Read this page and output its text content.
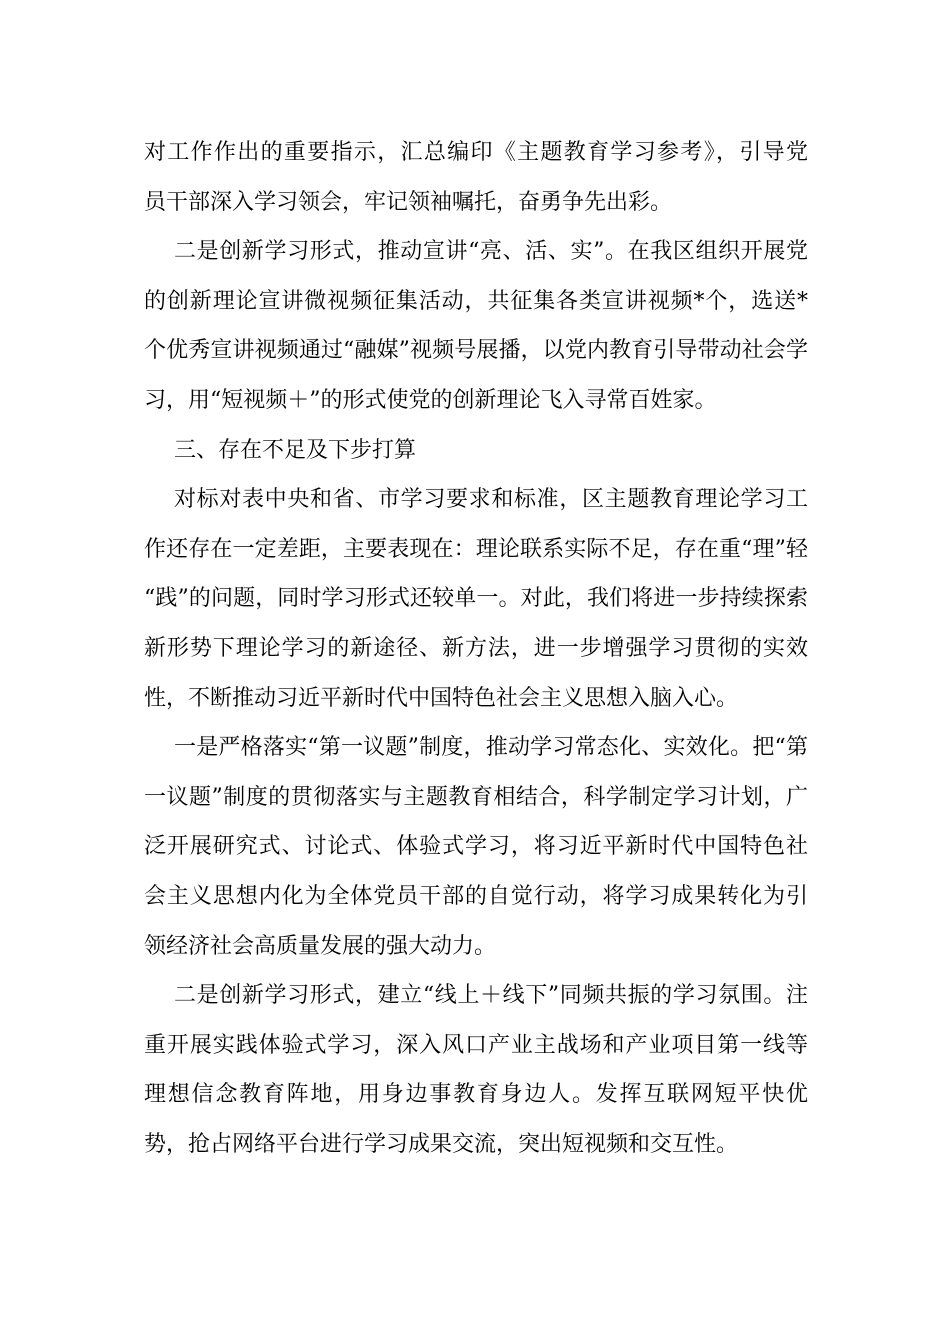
对工作作出的重要指示，汇总编印《主题教育学习参考》，引导党
员干部深入学习领会，牢记领袖嘱托，奋勇争先出彩。
二是创新学习形式，推动宣讲“亮、活、实”。在我区组织开展党
的创新理论宣讲微视频征集活动，共征集各类宣讲视频*个，选送*
个优秀宣讲视频通过“融媒”视频号展播，以党内教育引导带动社会学
习，用“短视频＋”的形式使党的创新理论飞入寻常百姓家。
三、存在不足及下步打算
对标对表中央和省、市学习要求和标准，区主题教育理论学习工
作还存在一定差距，主要表现在：理论联系实际不足，存在重“理”轻
“践”的问题，同时学习形式还较单一。对此，我们将进一步持续探索
新形势下理论学习的新途径、新方法，进一步增强学习贯彻的实效
性，不断推动习近平新时代中国特色社会主义思想入脑入心。
一是严格落实“第一议题”制度，推动学习常态化、实效化。把“第
一议题”制度的贯彻落实与主题教育相结合，科学制定学习计划，广
泛开展研究式、讨论式、体验式学习，将习近平新时代中国特色社
会主义思想内化为全体党员干部的自觉行动，将学习成果转化为引
领经济社会高质量发展的强大动力。
二是创新学习形式，建立“线上＋线下”同频共振的学习氛围。注
重开展实践体验式学习，深入风口产业主战场和产业项目第一线等
理想信念教育阵地，用身边事教育身边人。发挥互联网短平快优
势，抢占网络平台进行学习成果交流，突出短视频和交互性。
